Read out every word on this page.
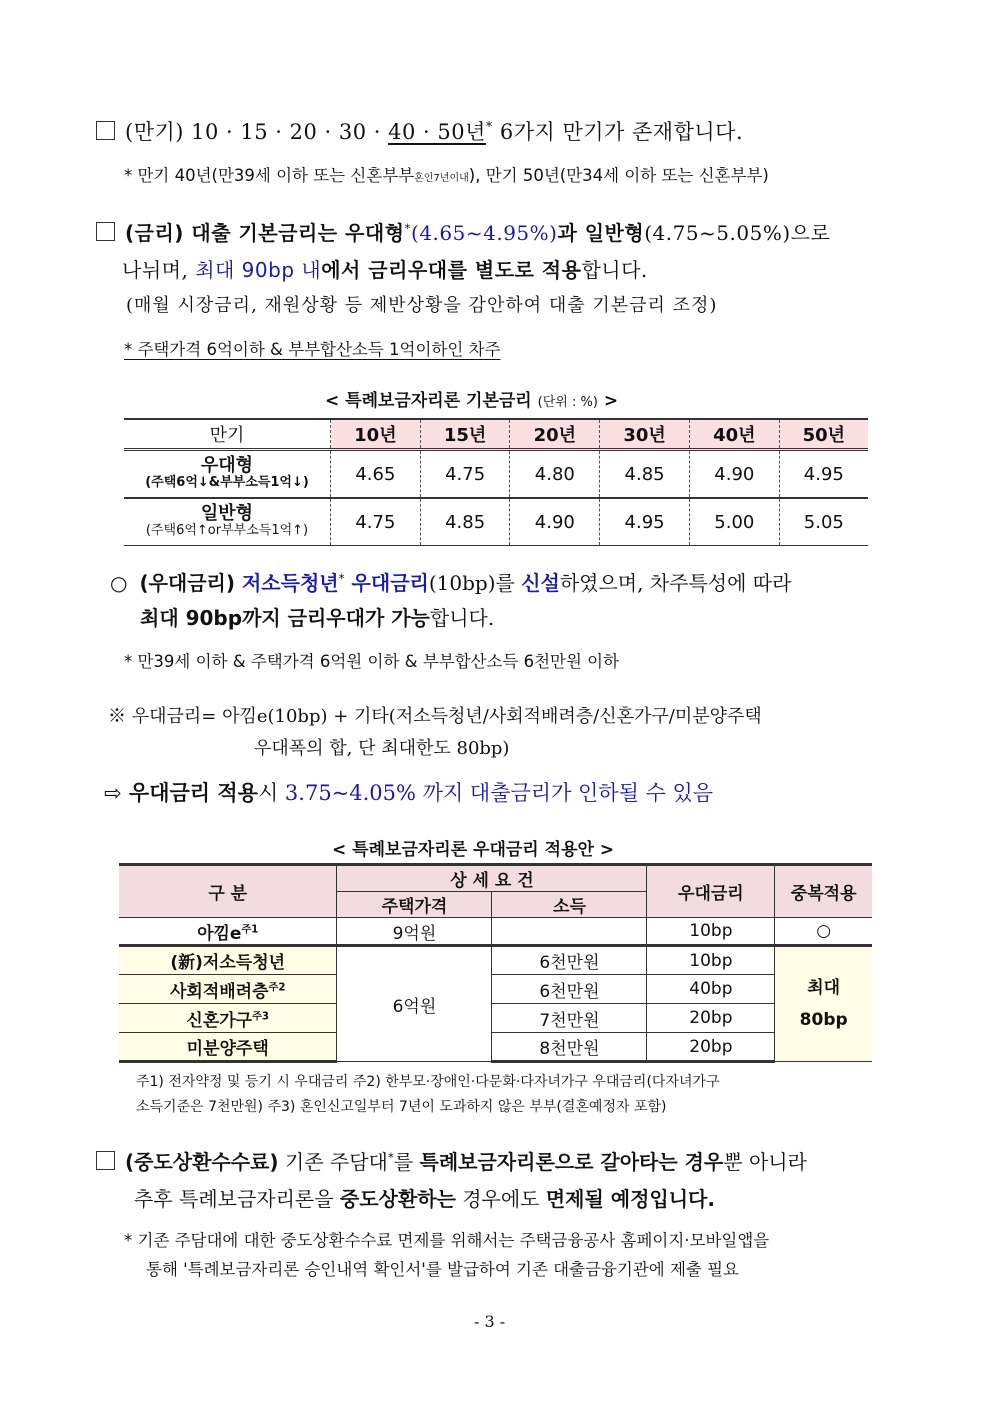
(만기) 10 · 15 · 20 · 30 · 40 · 50년* 6가지 만기가 존재합니다.
* 만기 40년(만39세 이하 또는 신혼부부혼인7년이내), 만기 50년(만34세 이하 또는 신혼부부)
(금리) 대출 기본금리는 우대형*(4.65~4.95%)과 일반형(4.75~5.05%)으로
나뉘며, 최대 90bp 내에서 금리우대를 별도로 적용합니다.
(매월 시장금리, 재원상황 등 제반상황을 감안하여 대출 기본금리 조정)
* 주택가격 6억이하 & 부부합산소득 1억이하인 차주
< 특례보금자리론 기본금리 (단위 : %) >
만기	10년	15년	20년	30년	40년	50년

우대형
(주택6억↓&부부소득1억↓)	4.65	4.75	4.80	4.85	4.90	4.95

일반형
(주택6억↑or부부소득1억↑)	4.75	4.85	4.90	4.95	5.00	5.05
○ (우대금리) 저소득청년* 우대금리(10bp)를 신설하였으며, 차주특성에 따라
최대 90bp까지 금리우대가 가능합니다.
* 만39세 이하 & 주택가격 6억원 이하 & 부부합산소득 6천만원 이하
※ 우대금리= 아낌e(10bp) + 기타(저소득청년/사회적배려층/신혼가구/미분양주택
우대폭의 합, 단 최대한도 80bp)
⇨ 우대금리 적용시 3.75~4.05% 까지 대출금리가 인하될 수 있음
< 특례보금자리론 우대금리 적용안 >
구 분	상 세 요 건		우대금리	중복적용
	주택가격	소득		
아낌$e^{주1}$	9억원		10bp	○
(新)저소득청년	6억원	6천만원	10bp	최대
80bp
사회적배려층$^{주2}$		6천만원	40bp	
신혼가구$^{주3}$		7천만원	20bp	
미분양주택		8천만원	20bp	
주1) 전자약정 및 등기 시 우대금리 주2) 한부모·장애인·다문화·다자녀가구 우대금리(다자녀가구
소득기준은 7천만원) 주3) 혼인신고일부터 7년이 도과하지 않은 부부(결혼예정자 포함)
(중도상환수수료) 기존 주담대*를 특례보금자리론으로 갈아타는 경우뿐 아니라
추후 특례보금자리론을 중도상환하는 경우에도 면제될 예정입니다.
* 기존 주담대에 대한 중도상환수수료 면제를 위해서는 주택금융공사 홈페이지·모바일앱을
통해 '특례보금자리론 승인내역 확인서'를 발급하여 기존 대출금융기관에 제출 필요
- 3 -
